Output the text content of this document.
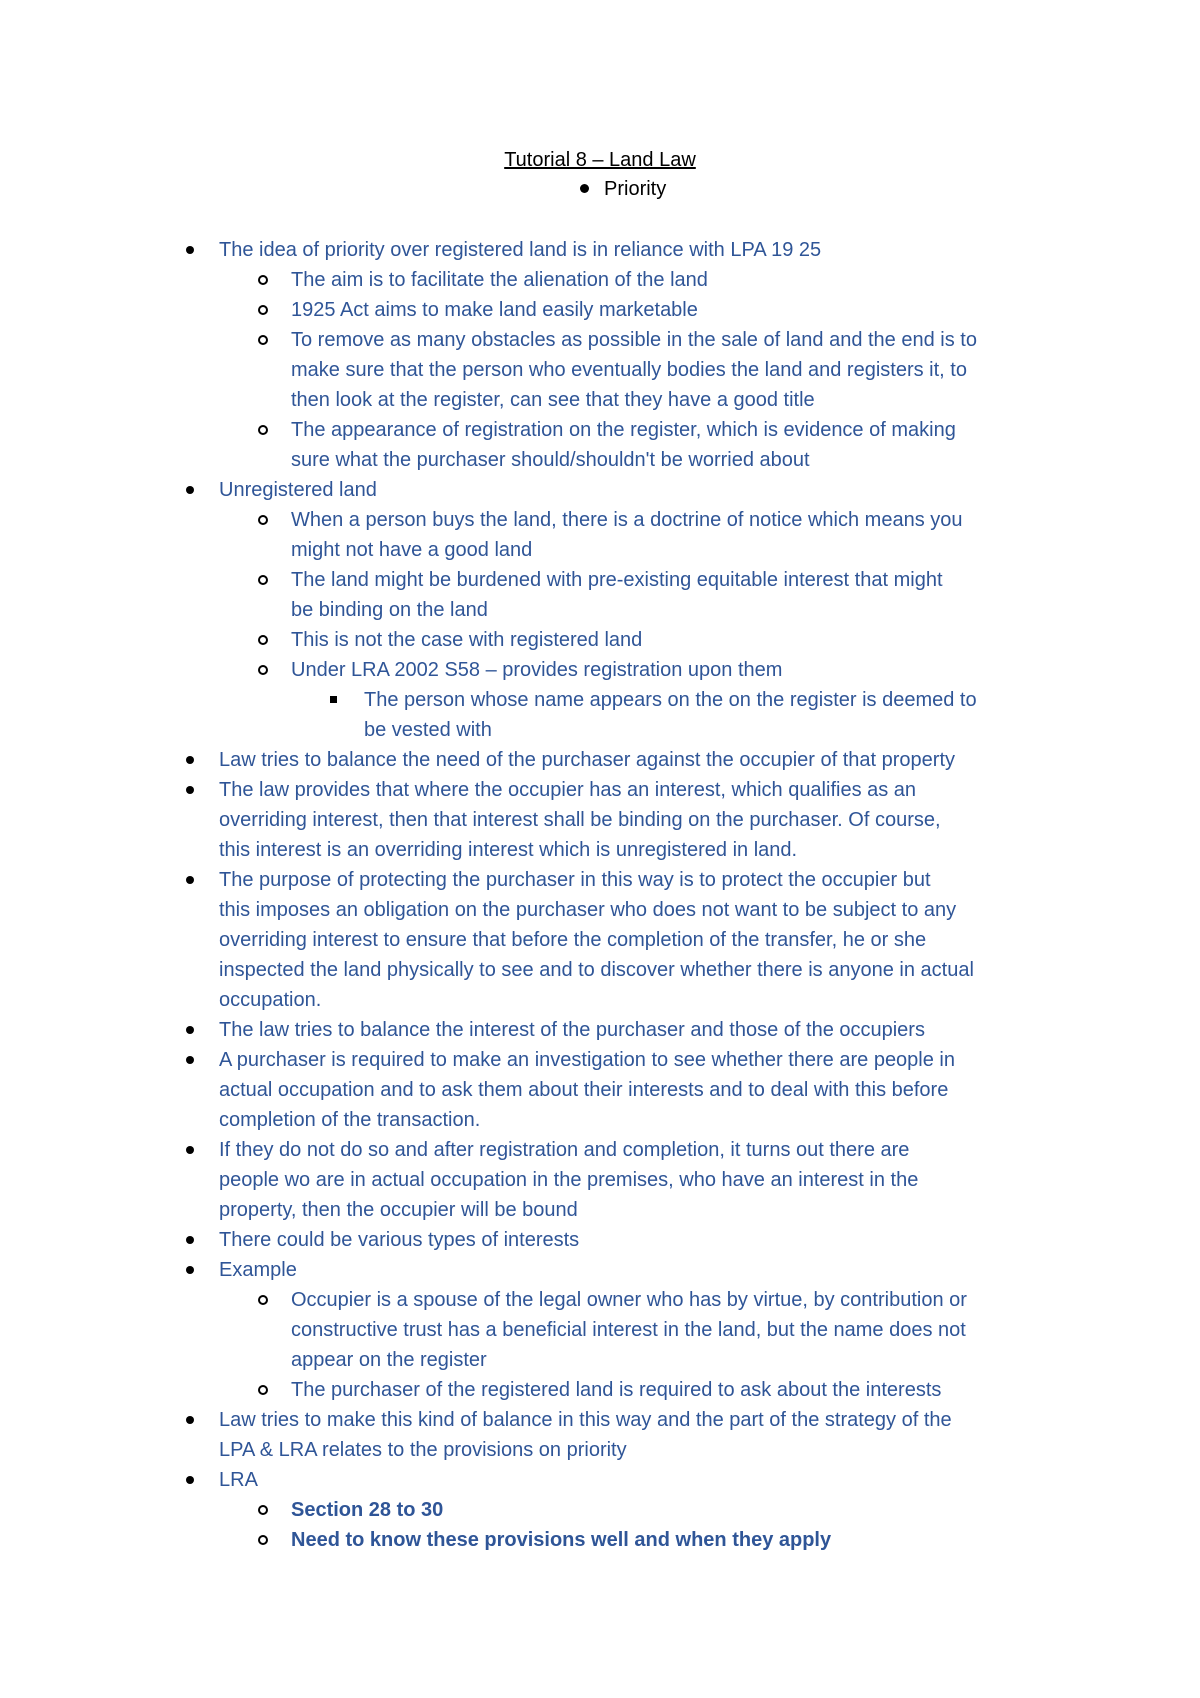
Tutorial 8 – Land Law
Priority
The idea of priority over registered land is in reliance with LPA 19 25
The aim is to facilitate the alienation of the land
1925 Act aims to make land easily marketable
To remove as many obstacles as possible in the sale of land and the end is to
make sure that the person who eventually bodies the land and registers it, to
then look at the register, can see that they have a good title
The appearance of registration on the register, which is evidence of making
sure what the purchaser should/shouldn't be worried about
Unregistered land
When a person buys the land, there is a doctrine of notice which means you
might not have a good land
The land might be burdened with pre-existing equitable interest that might
be binding on the land
This is not the case with registered land
Under LRA 2002 S58 – provides registration upon them
The person whose name appears on the on the register is deemed to
be vested with
Law tries to balance the need of the purchaser against the occupier of that property
The law provides that where the occupier has an interest, which qualifies as an
overriding interest, then that interest shall be binding on the purchaser. Of course,
this interest is an overriding interest which is unregistered in land.
The purpose of protecting the purchaser in this way is to protect the occupier but
this imposes an obligation on the purchaser who does not want to be subject to any
overriding interest to ensure that before the completion of the transfer, he or she
inspected the land physically to see and to discover whether there is anyone in actual
occupation.
The law tries to balance the interest of the purchaser and those of the occupiers
A purchaser is required to make an investigation to see whether there are people in
actual occupation and to ask them about their interests and to deal with this before
completion of the transaction.
If they do not do so and after registration and completion, it turns out there are
people wo are in actual occupation in the premises, who have an interest in the
property, then the occupier will be bound
There could be various types of interests
Example
Occupier is a spouse of the legal owner who has by virtue, by contribution or
constructive trust has a beneficial interest in the land, but the name does not
appear on the register
The purchaser of the registered land is required to ask about the interests
Law tries to make this kind of balance in this way and the part of the strategy of the
LPA & LRA relates to the provisions on priority
LRA
Section 28 to 30
Need to know these provisions well and when they apply
